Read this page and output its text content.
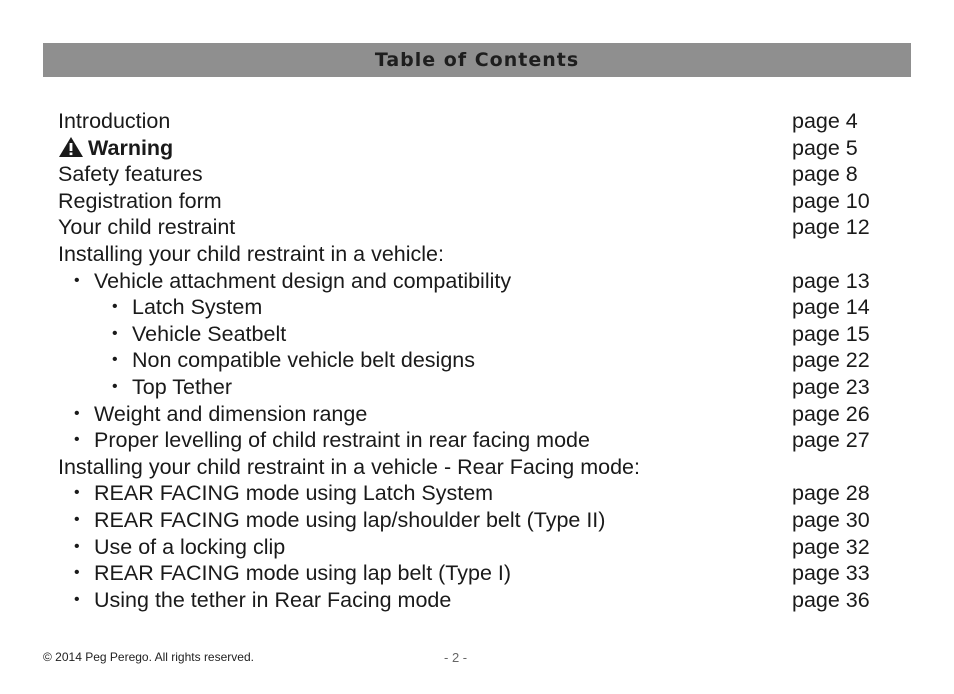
Table of Contents
Introduction	page 4
Warning	page 5
Safety features	page 8
Registration form	page 10
Your child restraint	page 12
Installing your child restraint in a vehicle:
• Vehicle attachment design and compatibility	page 13
• Latch System	page 14
• Vehicle Seatbelt	page 15
• Non compatible vehicle belt designs	page 22
• Top Tether	page 23
• Weight and dimension range	page 26
• Proper levelling of child restraint in rear facing mode	page 27
Installing your child restraint in a vehicle - Rear Facing mode:
• REAR FACING mode using Latch System	page 28
• REAR FACING mode using lap/shoulder belt (Type II)	page 30
• Use of a locking clip	page 32
• REAR FACING mode using lap belt (Type I)	page 33
• Using the tether in Rear Facing mode	page 36
© 2014 Peg Perego. All rights reserved.	- 2 -
